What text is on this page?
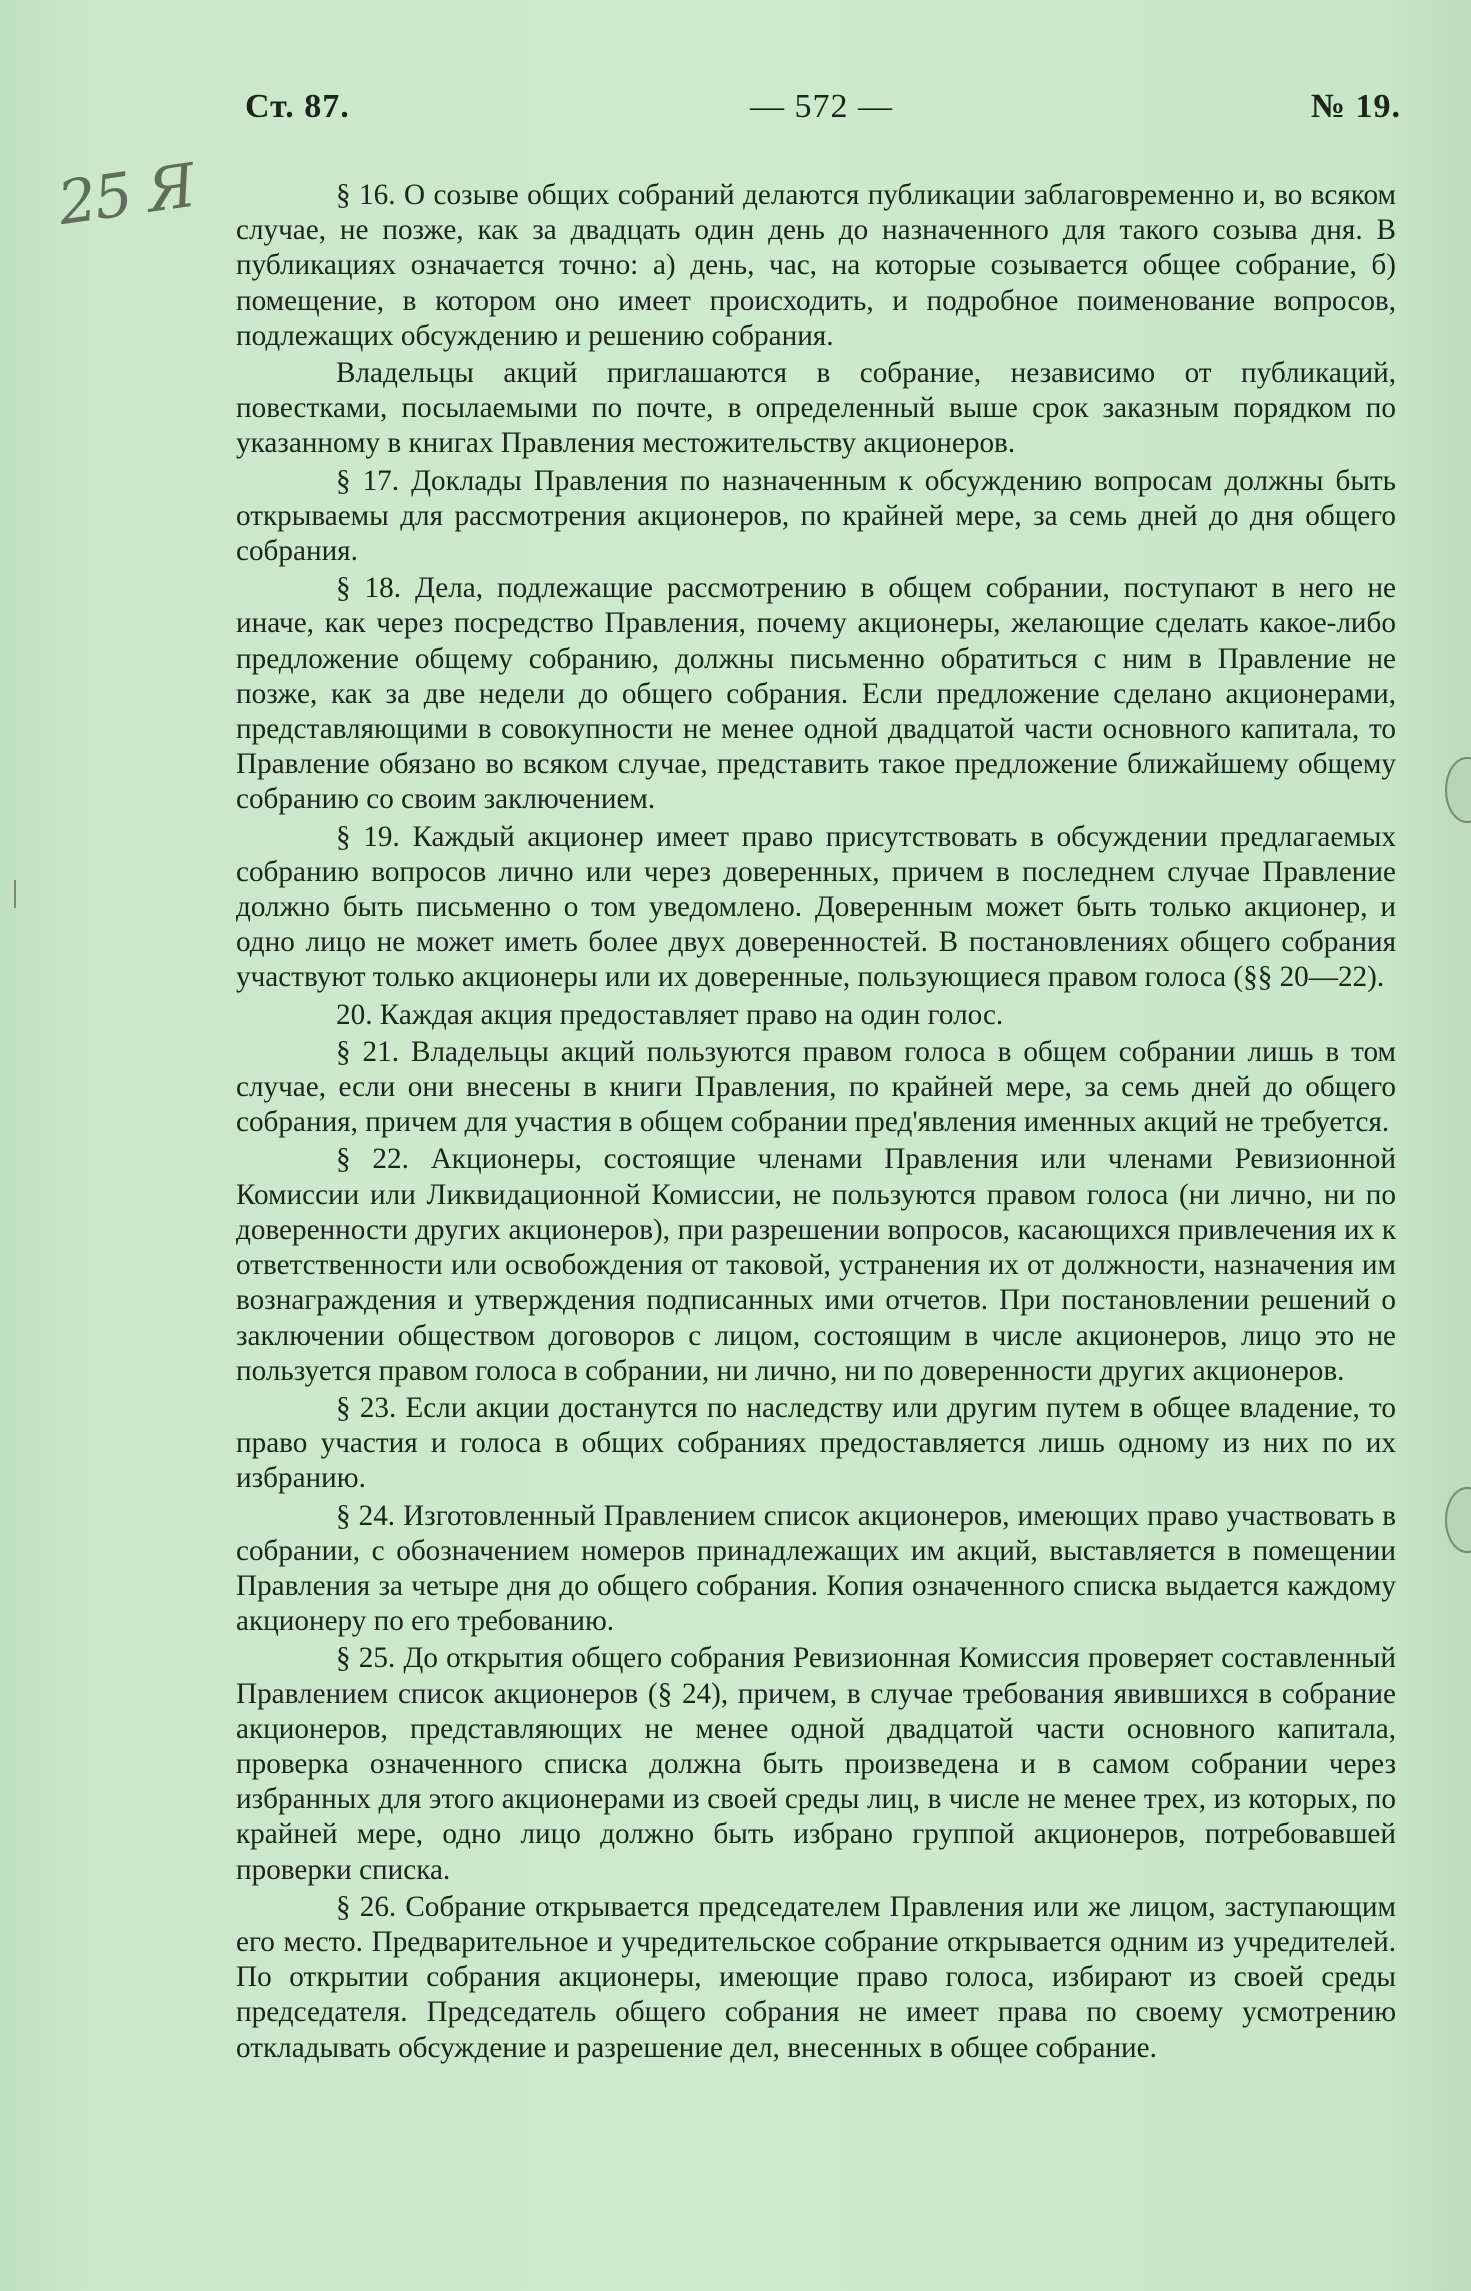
Ст. 87.	— 572 —	№ 19.
25 Я	§ 16. О созыве общих собраний делаются публикации заблаговременно и, во всяком случае, не позже, как за двадцать один день до назначенного для такого созыва дня. В публикациях означается точно: а) день, час, на которые созывается общее собрание, б) помещение, в котором оно имеет происходить, и подробное поименование вопросов, подлежащих обсуждению и решению собрания.

Владельцы акций приглашаются в собрание, независимо от публикаций, повестками, посылаемыми по почте, в определенный выше срок заказным порядком по указанному в книгах Правления местожительству акционеров.

§ 17. Доклады Правления по назначенным к обсуждению вопросам должны быть открываемы для рассмотрения акционеров, по крайней мере, за семь дней до дня общего собрания.

§ 18. Дела, подлежащие рассмотрению в общем собрании, поступают в него не иначе, как через посредство Правления, почему акционеры, желающие сделать какое-либо предложение общему собранию, должны письменно обратиться с ним в Правление не позже, как за две недели до общего собрания. Если предложение сделано акционерами, представляющими в совокупности не менее одной двадцатой части основного капитала, то Правление обязано во всяком случае, представить такое предложение ближайшему общему собранию со своим заключением.

§ 19. Каждый акционер имеет право присутствовать в обсуждении предлагаемых собранию вопросов лично или через доверенных, причем в последнем случае Правление должно быть письменно о том уведомлено. Доверенным может быть только акционер, и одно лицо не может иметь более двух доверенностей. В постановлениях общего собрания участвуют только акционеры или их доверенные, пользующиеся правом голоса (§§ 20—22).

20. Каждая акция предоставляет право на один голос.

§ 21. Владельцы акций пользуются правом голоса в общем собрании лишь в том случае, если они внесены в книги Правления, по крайней мере, за семь дней до общего собрания, причем для участия в общем собрании пред'явления именных акций не требуется.

§ 22. Акционеры, состоящие членами Правления или членами Ревизионной Комиссии или Ликвидационной Комиссии, не пользуются правом голоса (ни лично, ни по доверенности других акционеров), при разрешении вопросов, касающихся привлечения их к ответственности или освобождения от таковой, устранения их от должности, назначения им вознаграждения и утверждения подписанных ими отчетов. При постановлении решений о заключении обществом договоров с лицом, состоящим в числе акционеров, лицо это не пользуется правом голоса в собрании, ни лично, ни по доверенности других акционеров.

§ 23. Если акции достанутся по наследству или другим путем в общее владение, то право участия и голоса в общих собраниях предоставляется лишь одному из них по их избранию.

§ 24. Изготовленный Правлением список акционеров, имеющих право участвовать в собрании, с обозначением номеров принадлежащих им акций, выставляется в помещении Правления за четыре дня до общего собрания. Копия означенного списка выдается каждому акционеру по его требованию.

§ 25. До открытия общего собрания Ревизионная Комиссия проверяет составленный Правлением список акционеров (§ 24), причем, в случае требования явившихся в собрание акционеров, представляющих не менее одной двадцатой части основного капитала, проверка означенного списка должна быть произведена и в самом собрании через избранных для этого акционерами из своей среды лиц, в числе не менее трех, из которых, по крайней мере, одно лицо должно быть избрано группой акционеров, потребовавшей проверки списка.

§ 26. Собрание открывается председателем Правления или же лицом, заступающим его место. Предварительное и учредительское собрание открывается одним из учредителей. По открытии собрания акционеры, имеющие право голоса, избирают из своей среды председателя. Председатель общего собрания не имеет права по своему усмотрению откладывать обсуждение и разрешение дел, внесенных в общее собрание.
